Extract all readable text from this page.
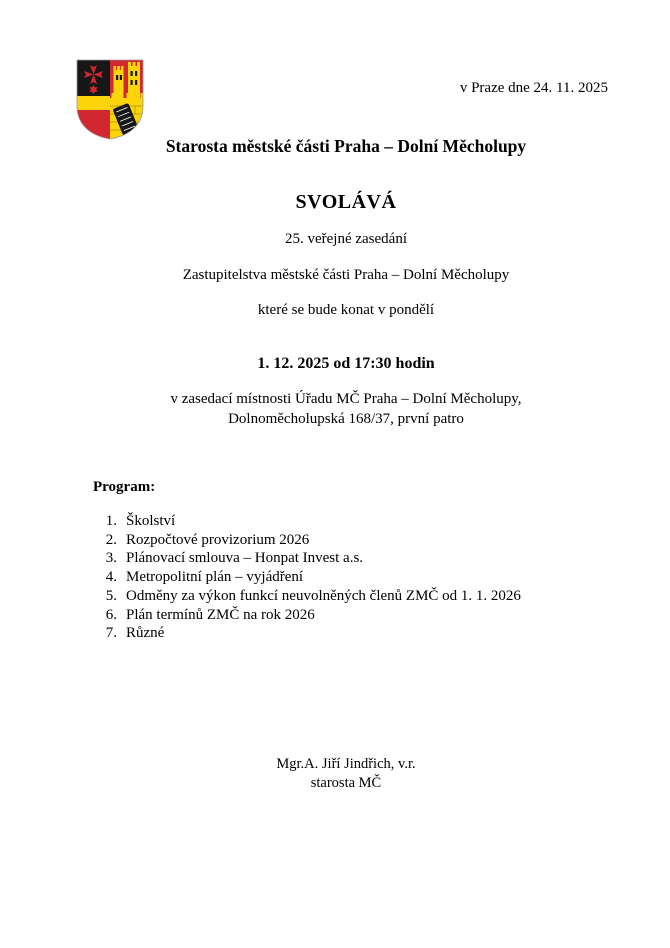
v Praze dne 24. 11. 2025
Starosta městské části Praha – Dolní Měcholupy
SVOLÁVÁ
25. veřejné zasedání
Zastupitelstva městské části Praha – Dolní Měcholupy
které se bude konat v pondělí
1. 12. 2025 od 17:30 hodin
v zasedací místnosti Úřadu MČ Praha – Dolní Měcholupy,
Dolnoměcholupská 168/37, první patro
Program:
1. Školství
2. Rozpočtové provizorium 2026
3. Plánovací smlouva – Honpat Invest a.s.
4. Metropolitní plán – vyjádření
5. Odměny za výkon funkcí neuvolněných členů ZMČ od 1. 1. 2026
6. Plán termínů ZMČ na rok 2026
7. Různé
Mgr.A. Jiří Jindřich, v.r.
starosta MČ
